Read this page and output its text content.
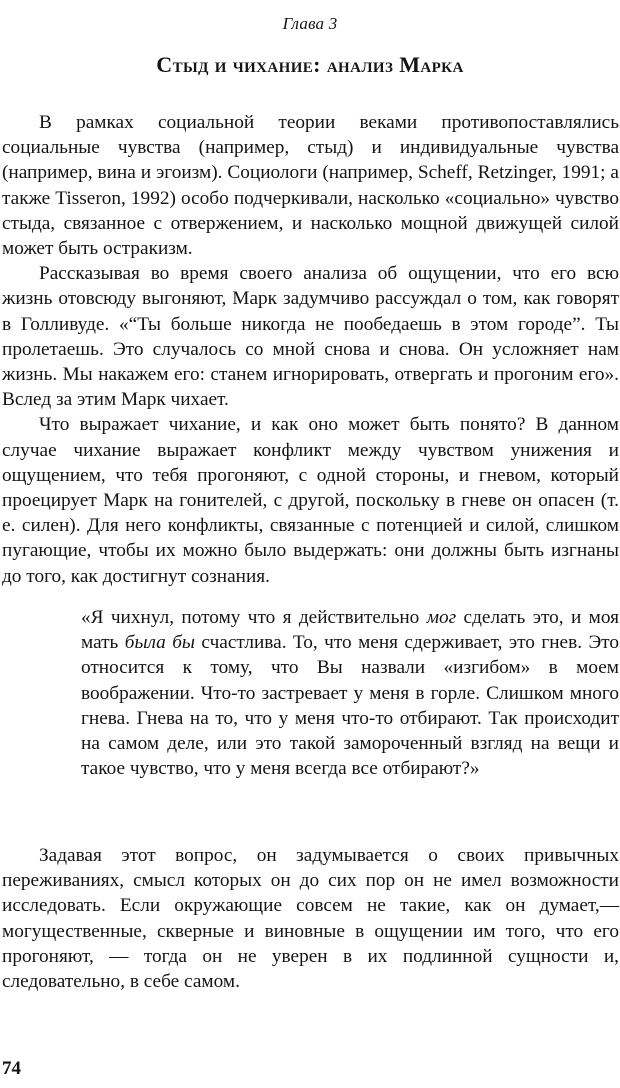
Глава 3
Стыд и чихание: анализ Марка

В рамках социальной теории веками противопоставлялись социальные чувства (например, стыд) и индивидуальные чувства (например, вина и эгоизм). Социологи (например, Scheff, Retzinger, 1991; а также Tisseron, 1992) особо подчеркивали, насколько «социально» чувство стыда, связанное с отвержением, и насколько мощной движущей силой может быть остракизм.

Рассказывая во время своего анализа об ощущении, что его всю жизнь отовсюду выгоняют, Марк задумчиво рассуждал о том, как говорят в Голливуде. «“Ты больше никогда не пообедаешь в этом городе”. Ты пролетаешь. Это случалось со мной снова и снова. Он усложняет нам жизнь. Мы накажем его: станем игнорировать, отвергать и прогоним его». Вслед за этим Марк чихает.

Что выражает чихание, и как оно может быть понято? В данном случае чихание выражает конфликт между чувством унижения и ощущением, что тебя прогоняют, с одной стороны, и гневом, который проецирует Марк на гонителей, с другой, поскольку в гневе он опасен (т. е. силен). Для него конфликты, связанные с потенцией и силой, слишком пугающие, чтобы их можно было выдержать: они должны быть изгнаны до того, как достигнут сознания.

«Я чихнул, потому что я действительно мог сделать это, и моя мать была бы счастлива. То, что меня сдерживает, это гнев. Это относится к тому, что Вы назвали «изгибом» в моем воображении. Что-то застревает у меня в горле. Слишком много гнева. Гнева на то, что у меня что-то отбирают. Так происходит на самом деле, или это такой замороченный взгляд на вещи и такое чувство, что у меня всегда все отбирают?»

Задавая этот вопрос, он задумывается о своих привычных переживаниях, смысл которых он до сих пор он не имел возможности исследовать. Если окружающие совсем не такие, как он думает,— могущественные, скверные и виновные в ощущении им того, что его прогоняют, — тогда он не уверен в их подлинной сущности и, следовательно, в себе самом.

74
